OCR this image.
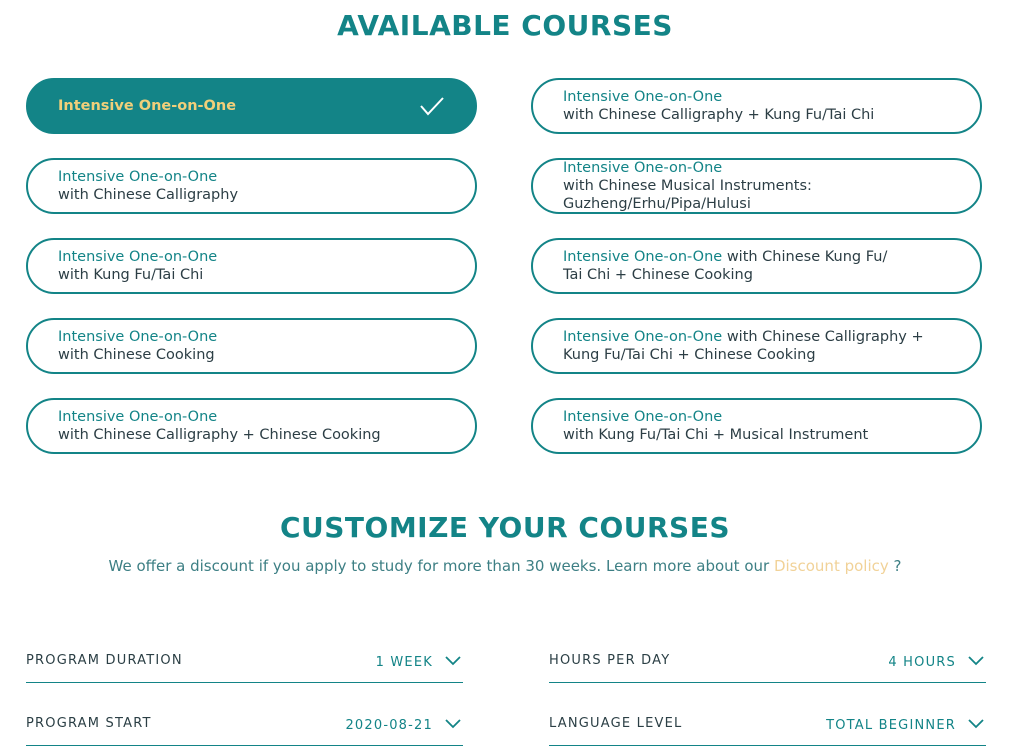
AVAILABLE COURSES
Intensive One-on-One
Intensive One-on-One
with Chinese Calligraphy + Kung Fu/Tai Chi
Intensive One-on-One
with Chinese Calligraphy
Intensive One-on-One
with Chinese Musical Instruments: Guzheng/Erhu/Pipa/Hulusi
Intensive One-on-One
with Kung Fu/Tai Chi
Intensive One-on-One with Chinese Kung Fu/
Tai Chi + Chinese Cooking
Intensive One-on-One
with Chinese Cooking
Intensive One-on-One with Chinese Calligraphy +
Kung Fu/Tai Chi + Chinese Cooking
Intensive One-on-One
with Chinese Calligraphy + Chinese Cooking
Intensive One-on-One
with Kung Fu/Tai Chi + Musical Instrument
CUSTOMIZE YOUR COURSES
We offer a discount if you apply to study for more than 30 weeks. Learn more about our Discount policy ?
PROGRAM DURATION	1 WEEK	HOURS PER DAY	4 HOURS
PROGRAM START	2020-08-21	LANGUAGE LEVEL	TOTAL BEGINNER
